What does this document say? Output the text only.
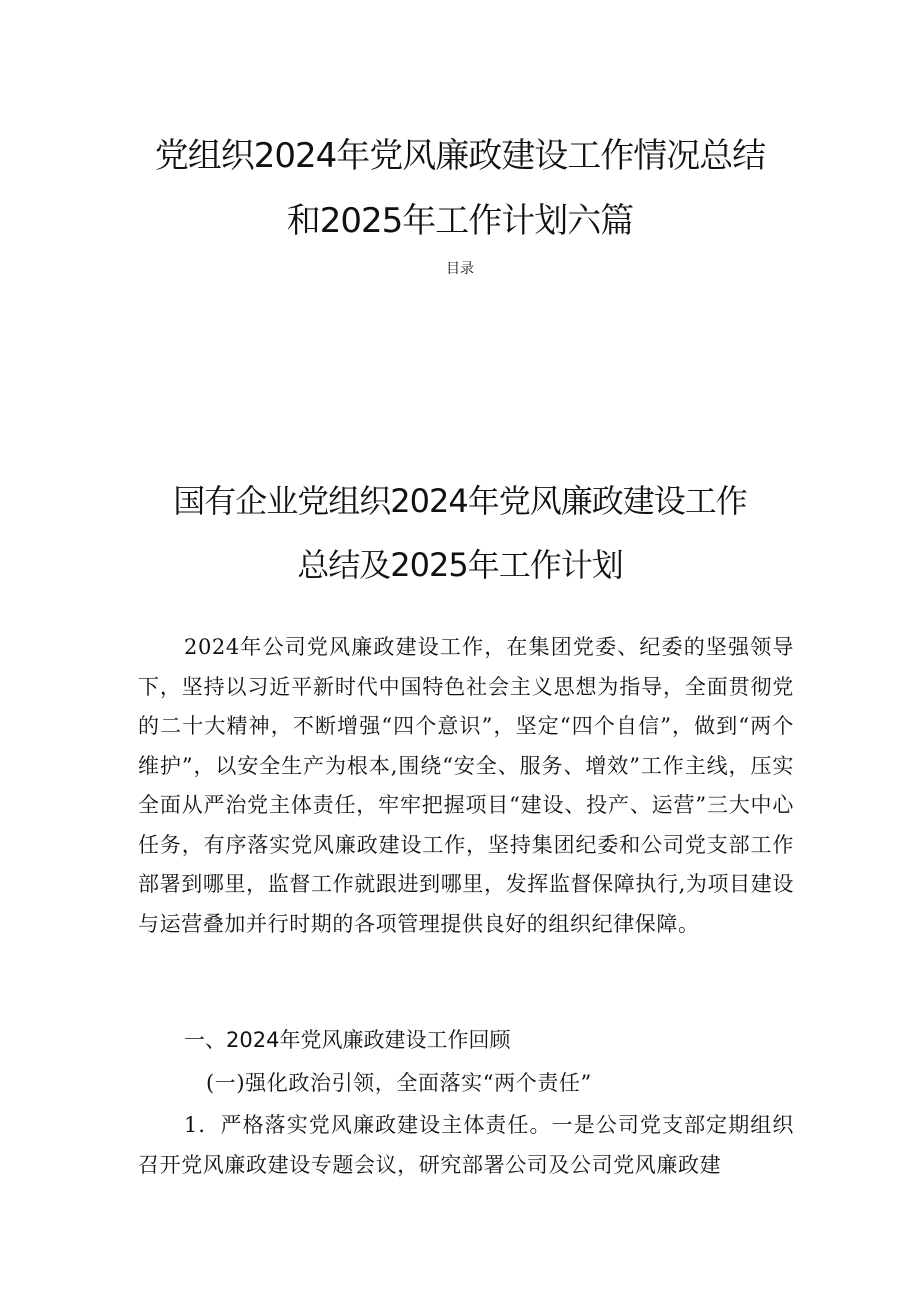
党组织2024年党风廉政建设工作情况总结
和2025年工作计划六篇
目录
国有企业党组织2024年党风廉政建设工作
总结及2025年工作计划

2024年公司党风廉政建设工作，在集团党委、纪委的坚强领导下，坚持以习近平新时代中国特色社会主义思想为指导，全面贯彻党的二十大精神，不断增强“四个意识”，坚定“四个自信”，做到“两个维护”，以安全生产为根本,围绕“安全、服务、增效”工作主线，压实全面从严治党主体责任，牢牢把握项目“建设、投产、运营”三大中心任务，有序落实党风廉政建设工作，坚持集团纪委和公司党支部工作部署到哪里，监督工作就跟进到哪里，发挥监督保障执行,为项目建设与运营叠加并行时期的各项管理提供良好的组织纪律保障。

一、2024年党风廉政建设工作回顾
(一)强化政治引领，全面落实“两个责任”

1．严格落实党风廉政建设主体责任。一是公司党支部定期组织召开党风廉政建设专题会议，研究部署公司及公司党风廉政建
